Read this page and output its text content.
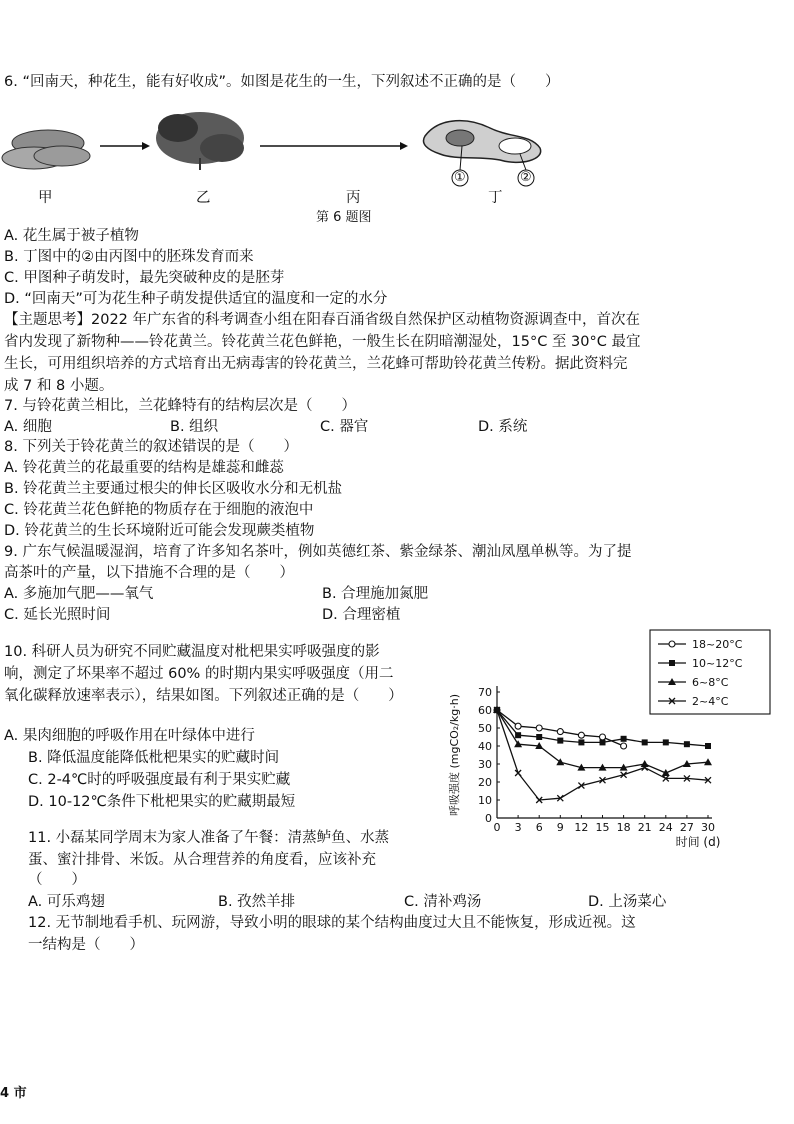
6. “回南天，种花生，能有好收成”。如图是花生的一生，下列叙述不正确的是（　　）
①	②
甲	乙	丙	丁
第 6 题图
A. 花生属于被子植物
B. 丁图中的②由丙图中的胚珠发育而来
C. 甲图种子萌发时，最先突破种皮的是胚芽
D. “回南天”可为花生种子萌发提供适宜的温度和一定的水分
【主题思考】2022 年广东省的科考调查小组在阳春百涌省级自然保护区动植物资源调查中，首次在
省内发现了新物种——铃花黄兰。铃花黄兰花色鲜艳，一般生长在阴暗潮湿处，15°C 至 30°C 最宜
生长，可用组织培养的方式培育出无病毒害的铃花黄兰，兰花蜂可帮助铃花黄兰传粉。据此资料完
成 7 和 8 小题。
7. 与铃花黄兰相比，兰花蜂特有的结构层次是（　　）
A. 细胞	B. 组织	C. 器官	D. 系统
8. 下列关于铃花黄兰的叙述错误的是（　　）
A. 铃花黄兰的花最重要的结构是雄蕊和雌蕊
B. 铃花黄兰主要通过根尖的伸长区吸收水分和无机盐
C. 铃花黄兰花色鲜艳的物质存在于细胞的液泡中
D. 铃花黄兰的生长环境附近可能会发现蕨类植物
9. 广东气候温暖湿润，培育了许多知名茶叶，例如英德红茶、紫金绿茶、潮汕凤凰单枞等。为了提
高茶叶的产量，以下措施不合理的是（　　）
A. 多施加气肥——氧气	B. 合理施加氮肥
C. 延长光照时间	D. 合理密植
10. 科研人员为研究不同贮藏温度对枇杷果实呼吸强度的影
响，测定了坏果率不超过 60% 的时期内果实呼吸强度（用二
氧化碳释放速率表示），结果如图。下列叙述正确的是（　　）
A. 果肉细胞的呼吸作用在叶绿体中进行
B. 降低温度能降低枇杷果实的贮藏时间
C. 2-4℃时的呼吸强度最有利于果实贮藏
D. 10-12℃条件下枇杷果实的贮藏期最短
0 3 6 9 12 15 18 21 24 27 30
0
10
20
30
40
50
60
70
时间 (d)
呼吸强度 (mgCO₂/kg·h)
18~20°C
10~12°C
6~8°C
2~4°C
11. 小磊某同学周末为家人准备了午餐：清蒸鲈鱼、水蒸
蛋、蜜汁排骨、米饭。从合理营养的角度看，应该补充
（　　）
A. 可乐鸡翅	B. 孜然羊排	C. 清补鸡汤	D. 上汤菜心
12. 无节制地看手机、玩网游，导致小明的眼球的某个结构曲度过大且不能恢复，形成近视。这
一结构是（　　）
4 市
